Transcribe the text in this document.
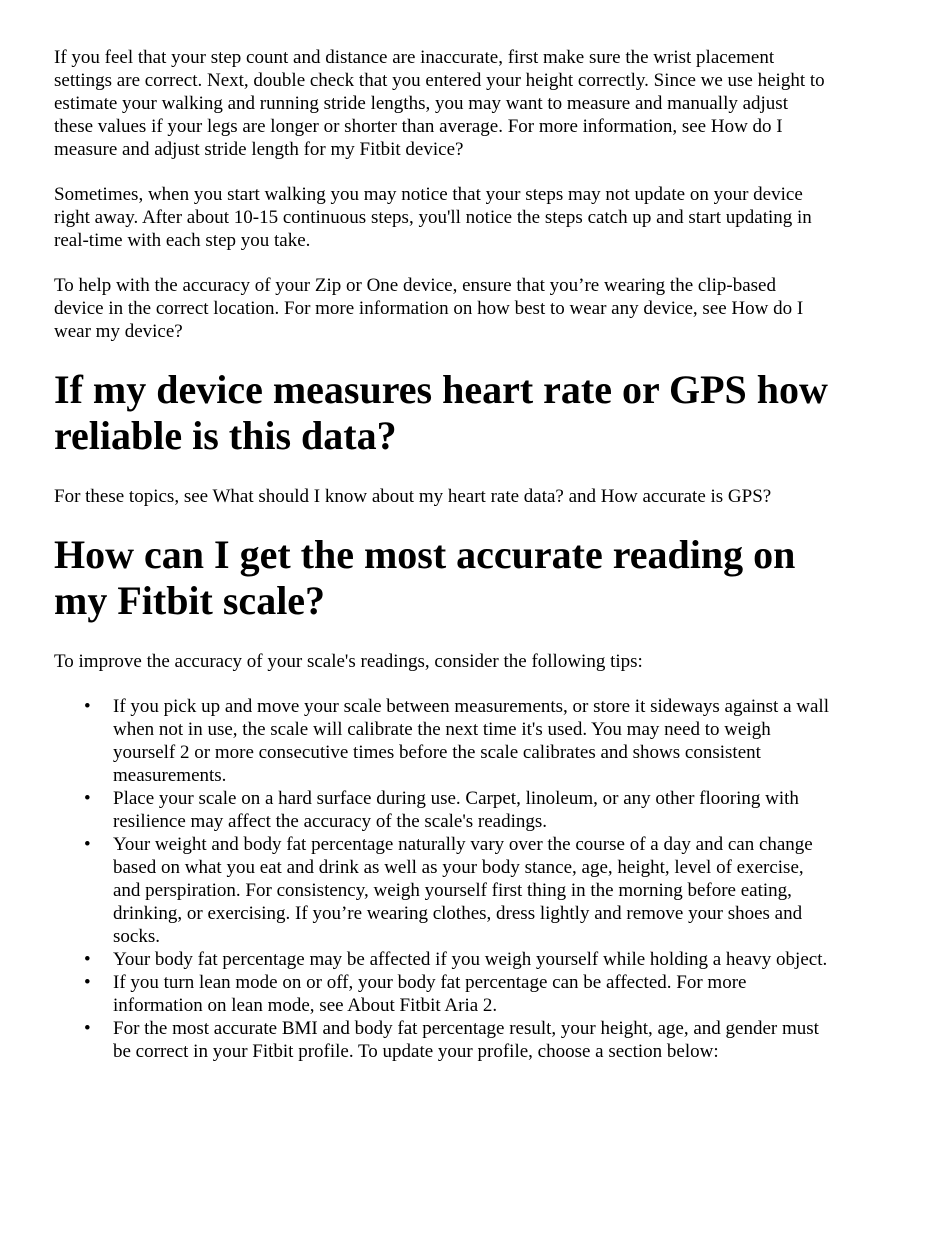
If you feel that your step count and distance are inaccurate, first make sure the wrist placement settings are correct. Next, double check that you entered your height correctly. Since we use height to estimate your walking and running stride lengths, you may want to measure and manually adjust these values if your legs are longer or shorter than average. For more information, see How do I measure and adjust stride length for my Fitbit device?

Sometimes, when you start walking you may notice that your steps may not update on your device right away. After about 10-15 continuous steps, you'll notice the steps catch up and start updating in real-time with each step you take.

To help with the accuracy of your Zip or One device, ensure that you’re wearing the clip-based device in the correct location. For more information on how best to wear any device, see How do I wear my device?

If my device measures heart rate or GPS how reliable is this data?

For these topics, see What should I know about my heart rate data? and How accurate is GPS?

How can I get the most accurate reading on my Fitbit scale?

To improve the accuracy of your scale's readings, consider the following tips:

• If you pick up and move your scale between measurements, or store it sideways against a wall when not in use, the scale will calibrate the next time it's used. You may need to weigh yourself 2 or more consecutive times before the scale calibrates and shows consistent measurements.
• Place your scale on a hard surface during use. Carpet, linoleum, or any other flooring with resilience may affect the accuracy of the scale's readings.
• Your weight and body fat percentage naturally vary over the course of a day and can change based on what you eat and drink as well as your body stance, age, height, level of exercise, and perspiration. For consistency, weigh yourself first thing in the morning before eating, drinking, or exercising. If you’re wearing clothes, dress lightly and remove your shoes and socks.
• Your body fat percentage may be affected if you weigh yourself while holding a heavy object.
• If you turn lean mode on or off, your body fat percentage can be affected. For more information on lean mode, see About Fitbit Aria 2.
• For the most accurate BMI and body fat percentage result, your height, age, and gender must be correct in your Fitbit profile. To update your profile, choose a section below:
